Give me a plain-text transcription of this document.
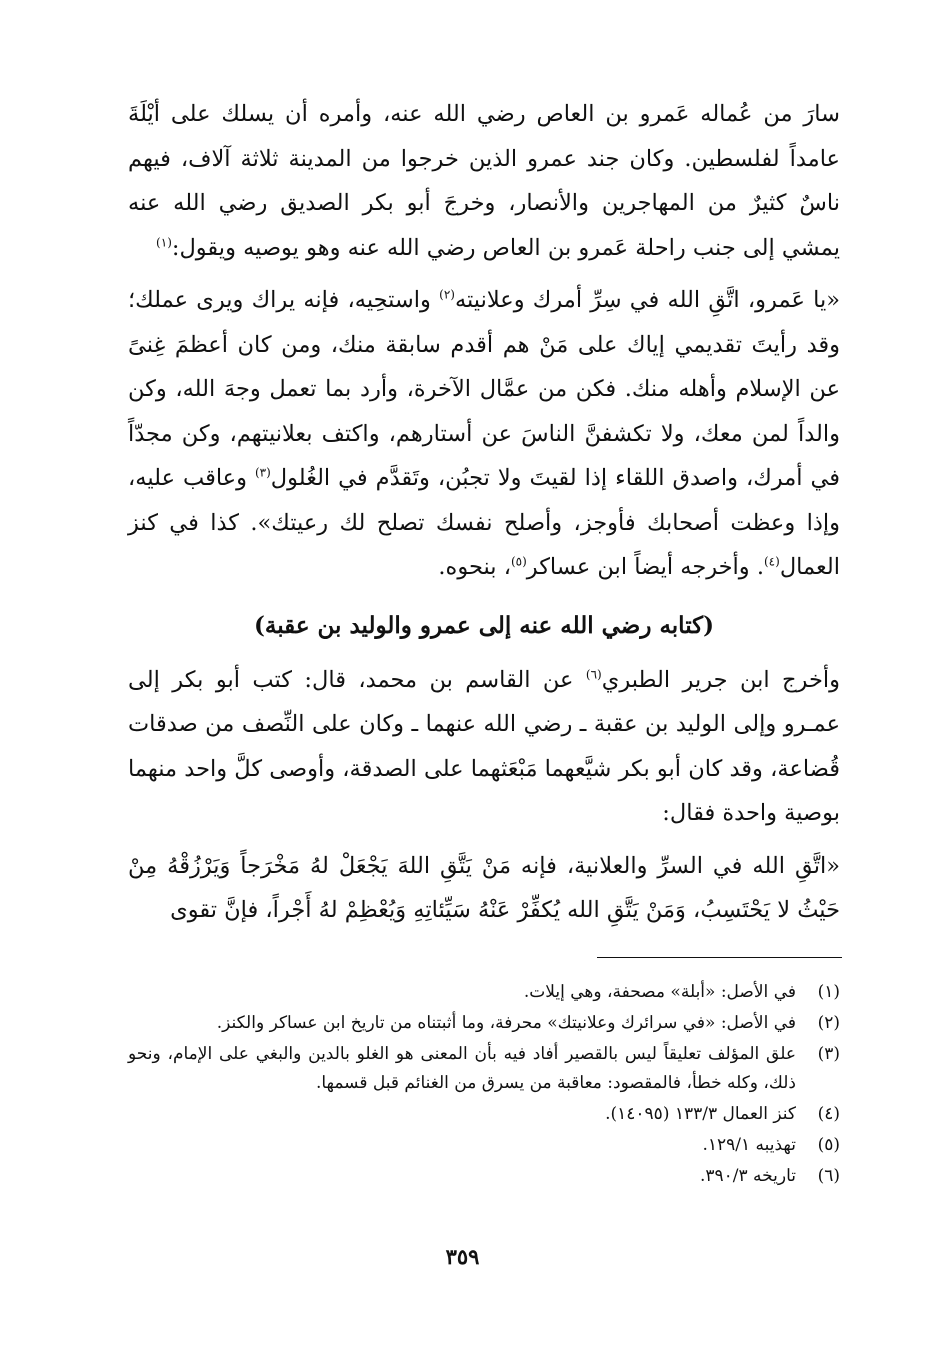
سارَ من عُماله عَمرو بن العاص رضي الله عنه، وأمره أن يسلك على أيْلَةَ عامداً لفلسطين. وكان جند عمرو الذين خرجوا من المدينة ثلاثة آلاف، فيهم ناسٌ كثيرٌ من المهاجرين والأنصار، وخرجَ أبو بكر الصديق رضي الله عنه يمشي إلى جنب راحلة عَمرو بن العاص رضي الله عنه وهو يوصيه ويقول:$^{(١)}$

«يا عَمرو، اتَّقِ الله في سِرِّ أمرك وعلانيته$^{(٢)}$ واستحِيه، فإنه يراك ويرى عملك؛ وقد رأيتَ تقديمي إياك على مَنْ هم أقدم سابقة منك، ومن كان أعظمَ غِنىً عن الإسلام وأهله منك. فكن من عمَّال الآخرة، وأرد بما تعمل وجهَ الله، وكن والداً لمن معك، ولا تكشفنَّ الناسَ عن أستارهم، واكتف بعلانيتهم، وكن مجدّاً في أمرك، واصدق اللقاء إذا لقيتَ ولا تجبُن، وتَقدَّم في الغُلول$^{(٣)}$ وعاقب عليه، وإذا وعظت أصحابك فأوجز، وأصلح نفسك تصلح لك رعيتك». كذا في كنز العمال$^{(٤)}$. وأخرجه أيضاً ابن عساكر$^{(٥)}$، بنحوه.

(كتابه رضي الله عنه إلى عمرو والوليد بن عقبة)

وأخرج ابن جرير الطبري$^{(٦)}$ عن القاسم بن محمد، قال: كتب أبو بكر إلى عمـرو وإلى الوليد بن عقبة ـ رضي الله عنهما ـ وكان على النِّصف من صدقات قُضاعة، وقد كان أبو بكر شيَّعهما مَبْعَثهما على الصدقة، وأوصى كلَّ واحد منهما بوصية واحدة فقال:

«اتَّقِ الله في السرِّ والعلانية، فإنه مَنْ يَتَّقِ اللهَ يَجْعَلْ لهُ مَخْرَجاً وَيَرْزُقْهُ مِنْ حَيْثُ لا يَحْتَسِبُ، وَمَنْ يَتَّقِ الله يُكفِّرْ عَنْهُ سَيِّئاتِهِ وَيُعْظِمْ لهُ أَجْراً، فإنَّ تقوى

(١)
في الأصل: «أبلة» مصحفة، وهي إيلات.
(٢)
في الأصل: «في سرائرك وعلانيتك» محرفة، وما أثبتناه من تاريخ ابن عساكر والكنز.
(٣)
علق المؤلف تعليقاً ليس بالقصير أفاد فيه بأن المعنى هو الغلو بالدين والبغي على الإمام، ونحو ذلك، وكله خطأ، فالمقصود: معاقبة من يسرق من الغنائم قبل قسمها.
(٤)
كنز العمال ١٣٣/٣ (١٤٠٩٥).
(٥)
تهذيبه ١٢٩/١.
(٦)
تاريخه ٣٩٠/٣.
٣٥٩
